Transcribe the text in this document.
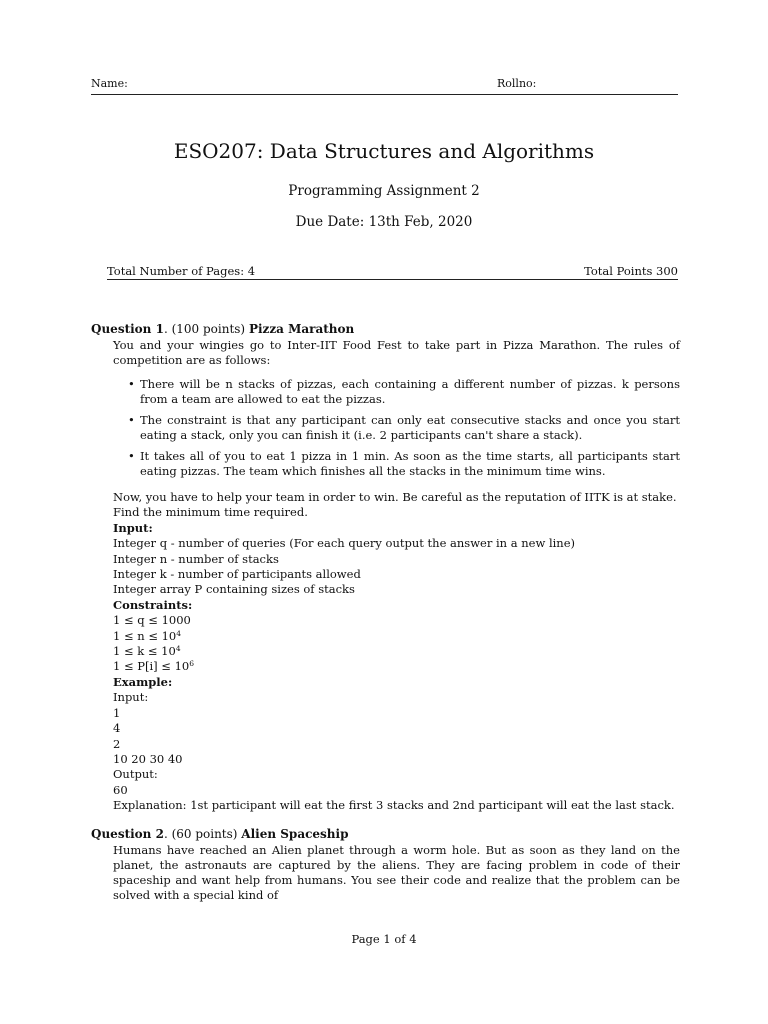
Name:	Rollno:
ESO207: Data Structures and Algorithms
Programming Assignment 2
Due Date: 13th Feb, 2020
Total Number of Pages: 4	Total Points 300
Question 1. (100 points) Pizza Marathon
You and your wingies go to Inter-IIT Food Fest to take part in Pizza Marathon. The rules of competition are as follows:
• There will be n stacks of pizzas, each containing a different number of pizzas. k persons from a team are allowed to eat the pizzas.
• The constraint is that any participant can only eat consecutive stacks and once you start eating a stack, only you can finish it (i.e. 2 participants can't share a stack).
• It takes all of you to eat 1 pizza in 1 min. As soon as the time starts, all participants start eating pizzas. The team which finishes all the stacks in the minimum time wins.
Now, you have to help your team in order to win. Be careful as the reputation of IITK is at stake.
Find the minimum time required.
Input:
Integer q - number of queries (For each query output the answer in a new line)
Integer n - number of stacks
Integer k - number of participants allowed
Integer array P containing sizes of stacks
Constraints:
1 ≤ q ≤ 1000
$1 \le n \le 10^4$
$1 \le k \le 10^4$
$1 \le P[i] \le 10^6$
Example:
Input:
1
4
2
10 20 30 40
Output:
60
Explanation: 1st participant will eat the first 3 stacks and 2nd participant will eat the last stack.
Question 2. (60 points) Alien Spaceship
Humans have reached an Alien planet through a worm hole. But as soon as they land on the planet, the astronauts are captured by the aliens. They are facing problem in code of their spaceship and want help from humans. You see their code and realize that the problem can be solved with a special kind of
Page 1 of 4
